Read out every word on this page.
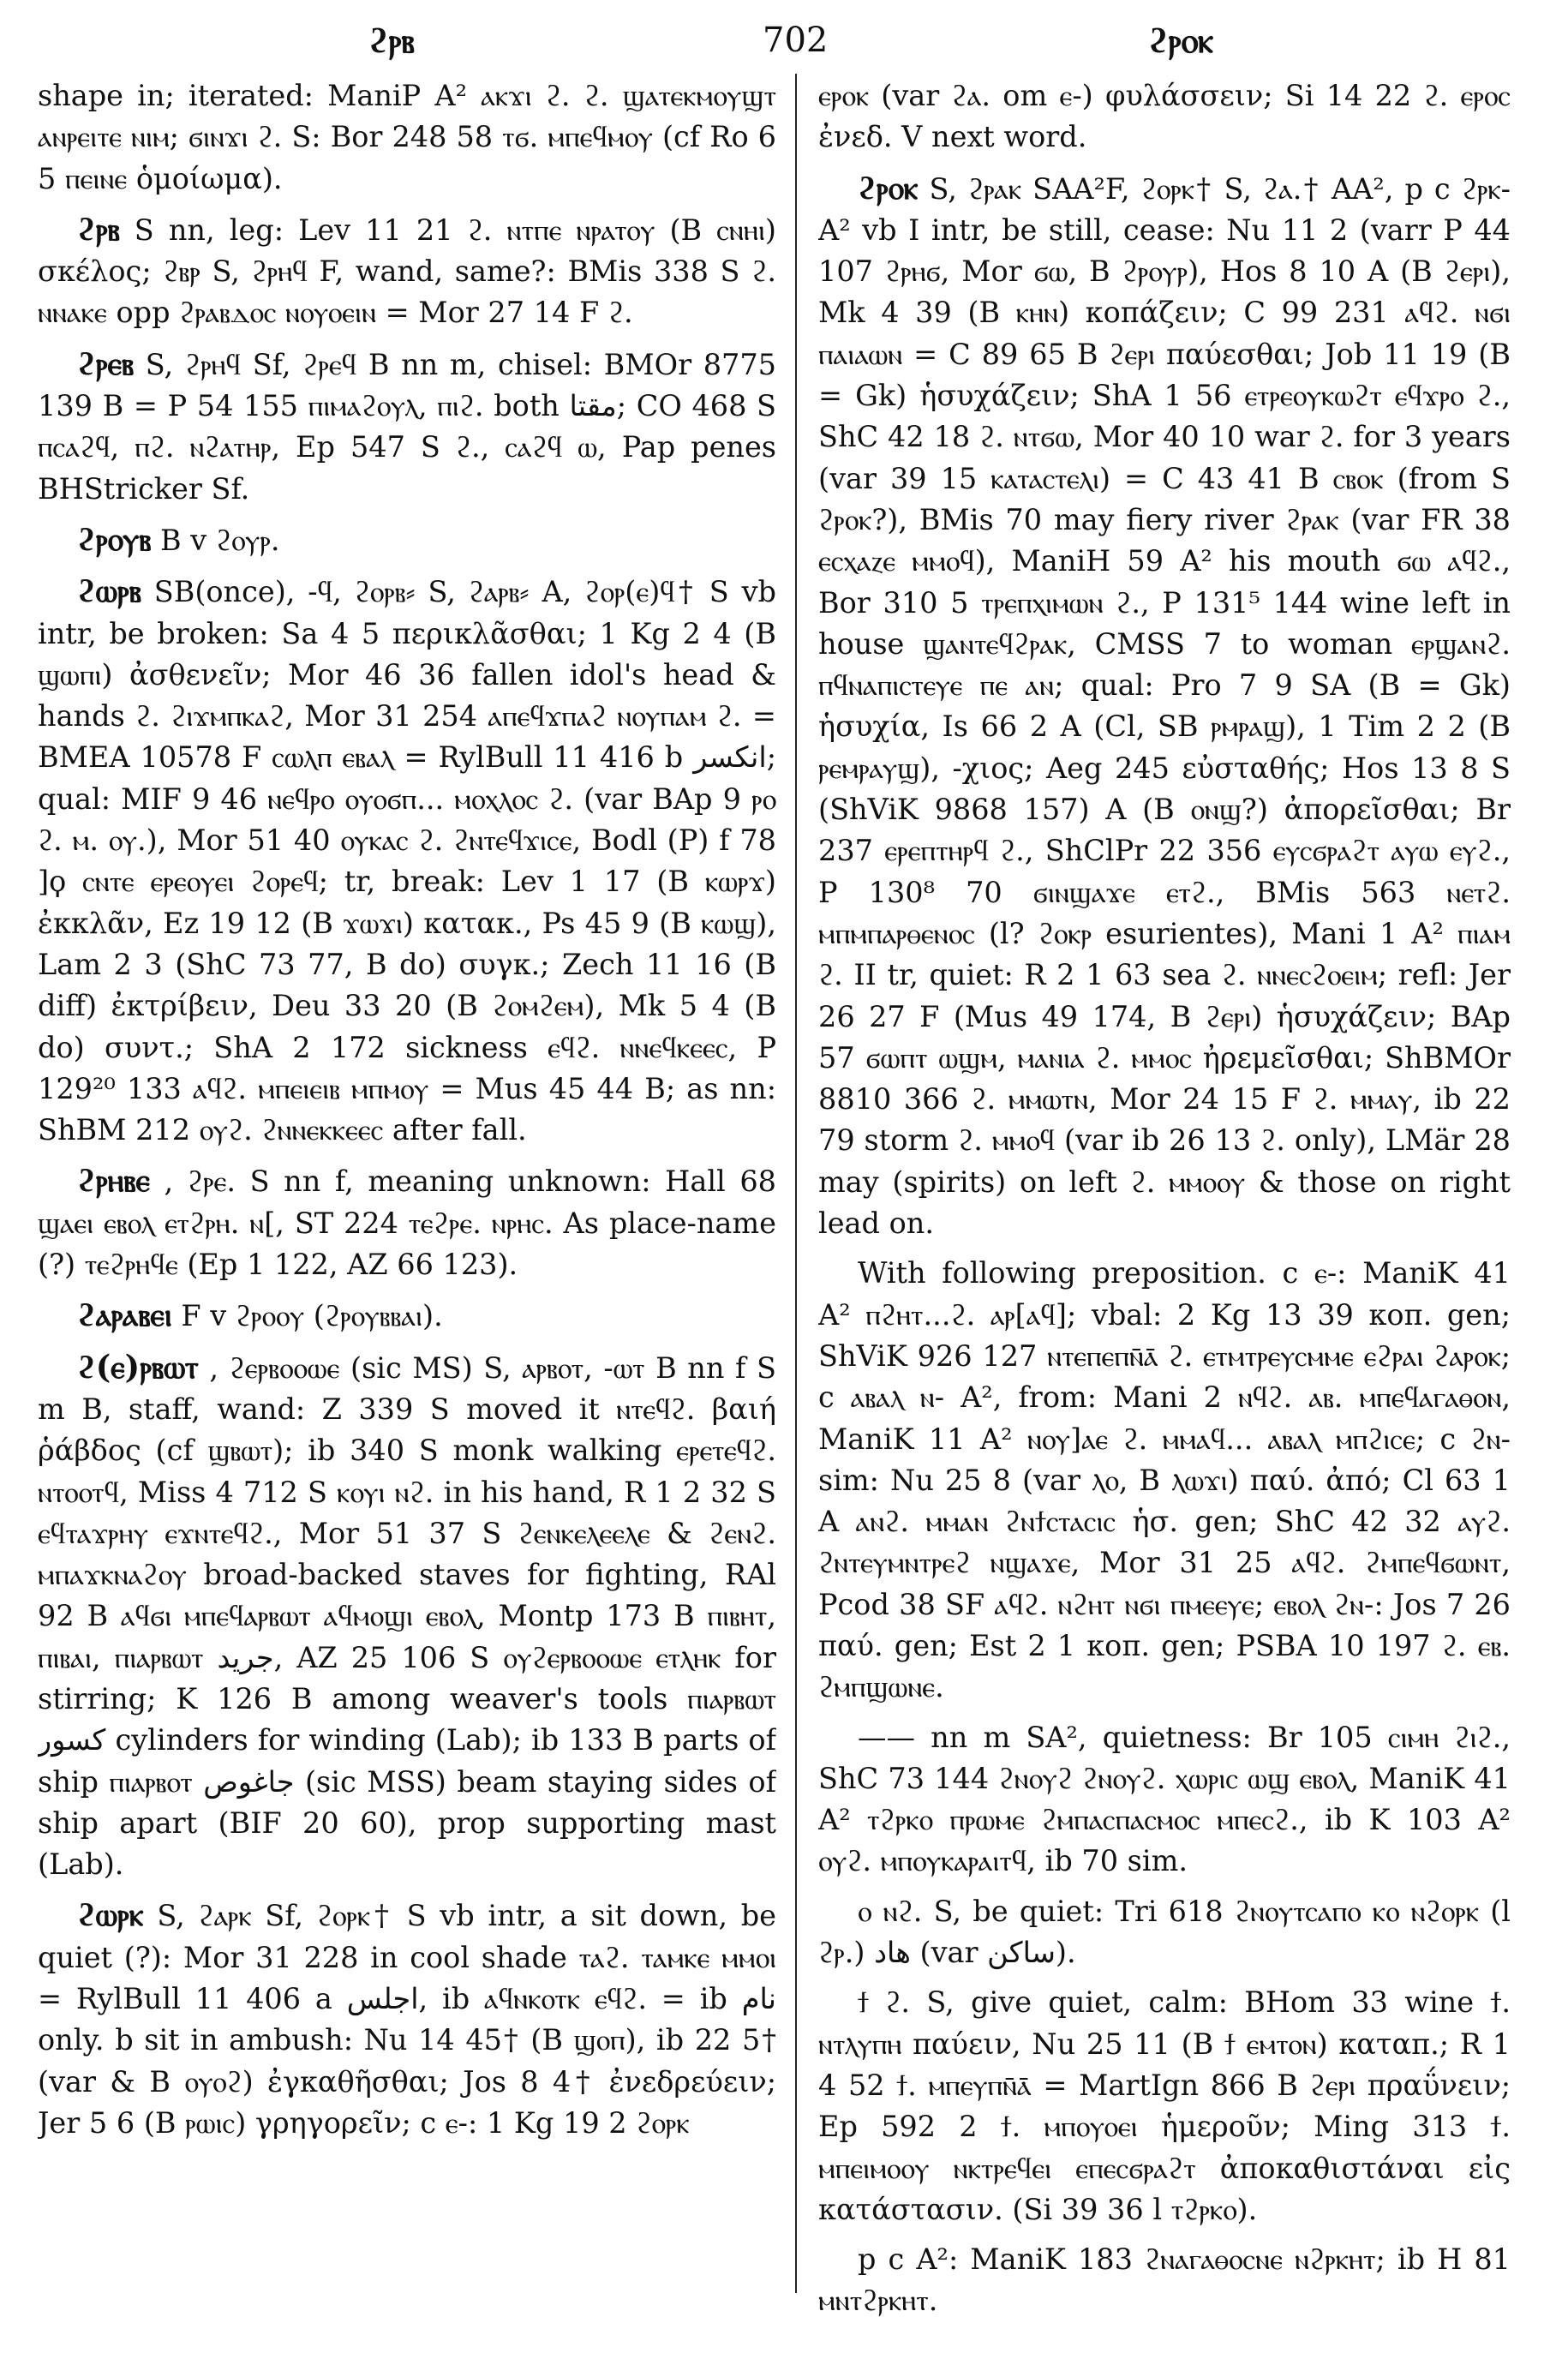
ϩⲣⲃ	702	ϩⲣⲟⲕ

shape in; iterated: ManiP A² ⲁⲕϫⲓ ϩ. ϩ. ϣⲁⲧⲉⲕⲙⲟⲩϣⲧ ⲁⲛⲣⲉⲓⲧⲉ ⲛⲓⲙ; ϭⲓⲛϫⲓ ϩ. S: Bor 248 58 ⲧϭ. ⲙⲡⲉϥⲙⲟⲩ (cf Ro 6 5 ⲡⲉⲓⲛⲉ ὁμοίωμα).

ϩⲣⲃ S nn, leg: Lev 11 21 ϩ. ⲛⲧⲡⲉ ⲛⲣⲁⲧⲟⲩ (B ⲥⲛⲏⲓ) σκέλος; ϩⲃⲣ S, ϩⲣⲏϥ F, wand, same?: BMis 338 S ϩ. ⲛⲛⲁⲕⲉ opp ϩⲣⲁⲃⲇⲟⲥ ⲛⲟⲩⲟⲉⲓⲛ = Mor 27 14 F ϩ.

ϩⲣⲉⲃ S, ϩⲣⲏϥ Sf, ϩⲣⲉϥ B nn m, chisel: BMOr 8775 139 B = P 54 155 ⲡⲓⲙⲁϩⲟⲩⲗ, ⲡⲓϩ. both ﻣﻘﺘﺎ; CO 468 S ⲡⲥⲁϩϥ, ⲡϩ. ⲛϩⲁⲧⲏⲣ, Ep 547 S ϩ., ⲥⲁϩϥ ⲱ, Pap penes BHStricker Sf.

ϩⲣⲟⲩⲃ B v ϩⲟⲩⲣ.

ϩⲱⲣⲃ SB(once), -ϥ, ϩⲟⲣⲃ⸗ S, ϩⲁⲣⲃ⸗ A, ϩⲟⲣ(ⲉ)ϥ† S vb intr, be broken: Sa 4 5 περικλᾶσθαι; 1 Kg 2 4 (B ϣⲱⲡⲓ) ἀσθενεῖν; Mor 46 36 fallen idol's head & hands ϩ. ϩⲓϫⲙⲡⲕⲁϩ, Mor 31 254 ⲁⲡⲉϥϫⲡⲁϩ ⲛⲟⲩⲡⲁⲙ ϩ. = BMEA 10578 F ⲥⲱⲗⲡ ⲉⲃⲁⲗ = RylBull 11 416 b ﺍﻧﻜﺴﺮ; qual: MIF 9 46 ⲛⲉϥⲣⲟ ⲟⲩⲟϭⲡ... ⲙⲟⲭⲗⲟⲥ ϩ. (var BAp 9 ⲣⲟ ϩ. ⲙ. ⲟⲩ.), Mor 51 40 ⲟⲩⲕⲁⲥ ϩ. ϩⲛⲧⲉϥϫⲓⲥⲉ, Bodl (P) f 78 ]ϙ ⲥⲛⲧⲉ ⲉⲣⲉⲟⲩⲉⲓ ϩⲟⲣⲉϥ; tr, break: Lev 1 17 (B ⲕⲱⲣϫ) ἐκκλᾶν, Ez 19 12 (B ϫⲱϫⲓ) κατακ., Ps 45 9 (B ⲕⲱϣ), Lam 2 3 (ShC 73 77, B do) συγκ.; Zech 11 16 (B diff) ἐκτρίβειν, Deu 33 20 (B ϩⲟⲙϩⲉⲙ), Mk 5 4 (B do) συντ.; ShA 2 172 sickness ⲉϥϩ. ⲛⲛⲉϥⲕⲉⲉⲥ, P 129²⁰ 133 ⲁϥϩ. ⲙⲡⲉⲓⲉⲓⲃ ⲙⲡⲙⲟⲩ = Mus 45 44 B; as nn: ShBM 212 ⲟⲩϩ. ϩⲛⲛⲉⲕⲕⲉⲉⲥ after fall.

ϩⲣⲏⲃⲉ , ϩⲣⲉ. S nn f, meaning unknown: Hall 68 ϣⲁⲉⲓ ⲉⲃⲟⲗ ⲉⲧϩⲣⲏ. ⲛ[, ST 224 ⲧⲉϩⲣⲉ. ⲛⲣⲏⲥ. As place-name (?) ⲧⲉϩⲣⲏϥⲉ (Ep 1 122, AZ 66 123).

ϩⲁⲣⲁⲃⲉⲓ F v ϩⲣⲟⲟⲩ (ϩⲣⲟⲩⲃⲃⲁⲓ).

ϩ(ⲉ)ⲣⲃⲱⲧ , ϩⲉⲣⲃⲟⲟⲱⲉ (sic MS) S, ⲁⲣⲃⲟⲧ, -ⲱⲧ B nn f S m B, staff, wand: Z 339 S moved it ⲛⲧⲉϥϩ. βαιή ῥάβδος (cf ϣⲃⲱⲧ); ib 340 S monk walking ⲉⲣⲉⲧⲉϥϩ. ⲛⲧⲟⲟⲧϥ, Miss 4 712 S ⲕⲟⲩⲓ ⲛϩ. in his hand, R 1 2 32 S ⲉϥⲧⲁϫⲣⲏⲩ ⲉϫⲛⲧⲉϥϩ., Mor 51 37 S ϩⲉⲛⲕⲉⲗⲉⲉⲗⲉ & ϩⲉⲛϩ. ⲙⲡⲁϫⲕⲛⲁϩⲟⲩ broad-backed staves for fighting, RAl 92 B ⲁϥϭⲓ ⲙⲡⲉϥⲁⲣⲃⲱⲧ ⲁϥⲙⲟϣⲓ ⲉⲃⲟⲗ, Montp 173 B ⲡⲓⲃⲏⲧ, ⲡⲓⲃⲁⲓ, ⲡⲓⲁⲣⲃⲱⲧ ﺟﺮﻳﺪ, AZ 25 106 S ⲟⲩϩⲉⲣⲃⲟⲟⲱⲉ ⲉⲧⲗⲏⲕ for stirring; K 126 B among weaver's tools ⲡⲓⲁⲣⲃⲱⲧ ﻛﺴﻮﺭ cylinders for winding (Lab); ib 133 B parts of ship ⲡⲓⲁⲣⲃⲟⲧ ﺟﺎﻏﻮﺹ (sic MSS) beam staying sides of ship apart (BIF 20 60), prop supporting mast (Lab).

ϩⲱⲣⲕ S, ϩⲁⲣⲕ Sf, ϩⲟⲣⲕ† S vb intr, a sit down, be quiet (?): Mor 31 228 in cool shade ⲧⲁϩ. ⲧⲁⲙⲕⲉ ⲙⲙⲟⲓ = RylBull 11 406 a ﺍﺟﻠﺲ, ib ⲁϥⲛⲕⲟⲧⲕ ⲉϥϩ. = ib ﻧﺎﻡ only. b sit in ambush: Nu 14 45† (B ϣⲟⲡ), ib 22 5† (var & B ⲟⲩⲟϩ) ἐγκαθῆσθαι; Jos 8 4† ἐνεδρεύειν; Jer 5 6 (B ⲣⲱⲓⲥ) γρηγορεῖν; c ⲉ-: 1 Kg 19 2 ϩⲟⲣⲕ

ⲉⲣⲟⲕ (var ϩⲁ. om ⲉ-) φυλάσσειν; Si 14 22 ϩ. ⲉⲣⲟⲥ ἐνεδ. V next word.

ϩⲣⲟⲕ S, ϩⲣⲁⲕ SAA²F, ϩⲟⲣⲕ† S, ϩⲁ.† AA², p c ϩⲣⲕ- A² vb I intr, be still, cease: Nu 11 2 (varr P 44 107 ϩⲣⲏϭ, Mor ϭⲱ, B ϩⲣⲟⲩⲣ), Hos 8 10 A (B ϩⲉⲣⲓ), Mk 4 39 (B ⲕⲏⲛ) κοπάζειν; C 99 231 ⲁϥϩ. ⲛϭⲓ ⲡⲁⲓⲁⲱⲛ = C 89 65 B ϩⲉⲣⲓ παύεσθαι; Job 11 19 (B = Gk) ἡσυχάζειν; ShA 1 56 ⲉⲧⲣⲉⲟⲩⲕⲱϩⲧ ⲉϥϫⲣⲟ ϩ., ShC 42 18 ϩ. ⲛⲧϭⲱ, Mor 40 10 war ϩ. for 3 years (var 39 15 ⲕⲁⲧⲁⲥⲧⲉⲗⲓ) = C 43 41 B ⲥⲃⲟⲕ (from S ϩⲣⲟⲕ?), BMis 70 may fiery river ϩⲣⲁⲕ (var FR 38 ⲉⲥⲭⲁⲍⲉ ⲙⲙⲟϥ), ManiH 59 A² his mouth ϭⲱ ⲁϥϩ., Bor 310 5 ⲧⲣⲉⲡⲭⲓⲙⲱⲛ ϩ., P 131⁵ 144 wine left in house ϣⲁⲛⲧⲉϥϩⲣⲁⲕ, CMSS 7 to woman ⲉⲣϣⲁⲛϩ. ⲡϥⲛⲁⲡⲓⲥⲧⲉⲩⲉ ⲡⲉ ⲁⲛ; qual: Pro 7 9 SA (B = Gk) ἡσυχία, Is 66 2 A (Cl, SB ⲣⲙⲣⲁϣ), 1 Tim 2 2 (B ⲣⲉⲙⲣⲁⲩϣ), -χιος; Aeg 245 εὐσταθής; Hos 13 8 S (ShViK 9868 157) A (B ⲟⲛϣ?) ἀπορεῖσθαι; Br 237 ⲉⲣⲉⲡⲧⲏⲣϥ ϩ., ShClPr 22 356 ⲉⲩⲥϭⲣⲁϩⲧ ⲁⲩⲱ ⲉⲩϩ., P 130⁸ 70 ϭⲓⲛϣⲁϫⲉ ⲉⲧϩ., BMis 563 ⲛⲉⲧϩ. ⲙⲡⲙⲡⲁⲣⲑⲉⲛⲟⲥ (l? ϩⲟⲕⲣ esurientes), Mani 1 A² ⲡⲓⲁⲙ ϩ. II tr, quiet: R 2 1 63 sea ϩ. ⲛⲛⲉⲥϩⲟⲉⲓⲙ; refl: Jer 26 27 F (Mus 49 174, B ϩⲉⲣⲓ) ἡσυχάζειν; BAp 57 ϭⲱⲡⲧ ⲱϣⲙ, ⲙⲁⲛⲓⲁ ϩ. ⲙⲙⲟⲥ ἠρεμεῖσθαι; ShBMOr 8810 366 ϩ. ⲙⲙⲱⲧⲛ, Mor 24 15 F ϩ. ⲙⲙⲁⲩ, ib 22 79 storm ϩ. ⲙⲙⲟϥ (var ib 26 13 ϩ. only), LMär 28 may (spirits) on left ϩ. ⲙⲙⲟⲟⲩ & those on right lead on.

With following preposition. c ⲉ-: ManiK 41 A² ⲡϩⲏⲧ...ϩ. ⲁⲣ[ⲁϥ]; vbal: 2 Kg 13 39 κοπ. gen; ShViK 926 127 ⲛⲧⲉⲡⲉⲡⲛ̄ⲁ̄ ϩ. ⲉⲧⲙⲧⲣⲉⲩⲥⲙⲙⲉ ⲉϩⲣⲁⲓ ϩⲁⲣⲟⲕ; c ⲁⲃⲁⲗ ⲛ- A², from: Mani 2 ⲛϥϩ. ⲁⲃ. ⲙⲡⲉϥⲁⲅⲁⲑⲟⲛ, ManiK 11 A² ⲛⲟⲩ]ⲁⲉ ϩ. ⲙⲙⲁϥ... ⲁⲃⲁⲗ ⲙⲡϩⲓⲥⲉ; c ϩⲛ- sim: Nu 25 8 (var ⲗⲟ, B ⲗⲱϫⲓ) παύ. ἀπό; Cl 63 1 A ⲁⲛϩ. ⲙⲙⲁⲛ ϩⲛϯⲥⲧⲁⲥⲓⲥ ἡσ. gen; ShC 42 32 ⲁⲩϩ. ϩⲛⲧⲉⲩⲙⲛⲧⲣⲉϩ ⲛϣⲁϫⲉ, Mor 31 25 ⲁϥϩ. ϩⲙⲡⲉϥϭⲱⲛⲧ, Pcod 38 SF ⲁϥϩ. ⲛϩⲏⲧ ⲛϭⲓ ⲡⲙⲉⲉⲩⲉ; ⲉⲃⲟⲗ ϩⲛ-: Jos 7 26 παύ. gen; Est 2 1 κοπ. gen; PSBA 10 197 ϩ. ⲉⲃ. ϩⲙⲡϣⲱⲛⲉ.

—— nn m SA², quietness: Br 105 ⲥⲓⲙⲏ ϩⲓϩ., ShC 73 144 ϩⲛⲟⲩϩ ϩⲛⲟⲩϩ. ⲭⲱⲣⲓⲥ ⲱϣ ⲉⲃⲟⲗ, ManiK 41 A² ⲧϩⲣⲕⲟ ⲡⲣⲱⲙⲉ ϩⲙⲡⲁⲥⲡⲁⲥⲙⲟⲥ ⲙⲡⲉⲥϩ., ib K 103 A² ⲟⲩϩ. ⲙⲡⲟⲩⲕⲁⲣⲁⲓⲧϥ, ib 70 sim.

ⲟ ⲛϩ. S, be quiet: Tri 618 ϩⲛⲟⲩⲧⲥⲁⲡⲟ ⲕⲟ ⲛϩⲟⲣⲕ (l ϩⲣ.) ﻫﺎﺩ (var ﺳﺎﻛﻦ).

ϯ ϩ. S, give quiet, calm: BHom 33 wine ϯ. ⲛⲧⲗⲩⲡⲏ παύειν, Nu 25 11 (B ϯ ⲉⲙⲧⲟⲛ) καταπ.; R 1 4 52 ϯ. ⲙⲡⲉⲩⲡⲛ̄ⲁ̄ = MartIgn 866 B ϩⲉⲣⲓ πραΰνειν; Ep 592 2 ϯ. ⲙⲡⲟⲩⲟⲉⲓ ἡμεροῦν; Ming 313 ϯ. ⲙⲡⲉⲓⲙⲟⲟⲩ ⲛⲕⲧⲣⲉϥⲉⲓ ⲉⲡⲉⲥϭⲣⲁϩⲧ ἀποκαθιστάναι εἰς κατάστασιν. (Si 39 36 l ⲧϩⲣⲕⲟ).

p c A²: ManiK 183 ϩⲛⲁⲅⲁⲑⲟⲥⲛⲉ ⲛϩⲣⲕⲏⲧ; ib H 81 ⲙⲛⲧϩⲣⲕⲏⲧ.
